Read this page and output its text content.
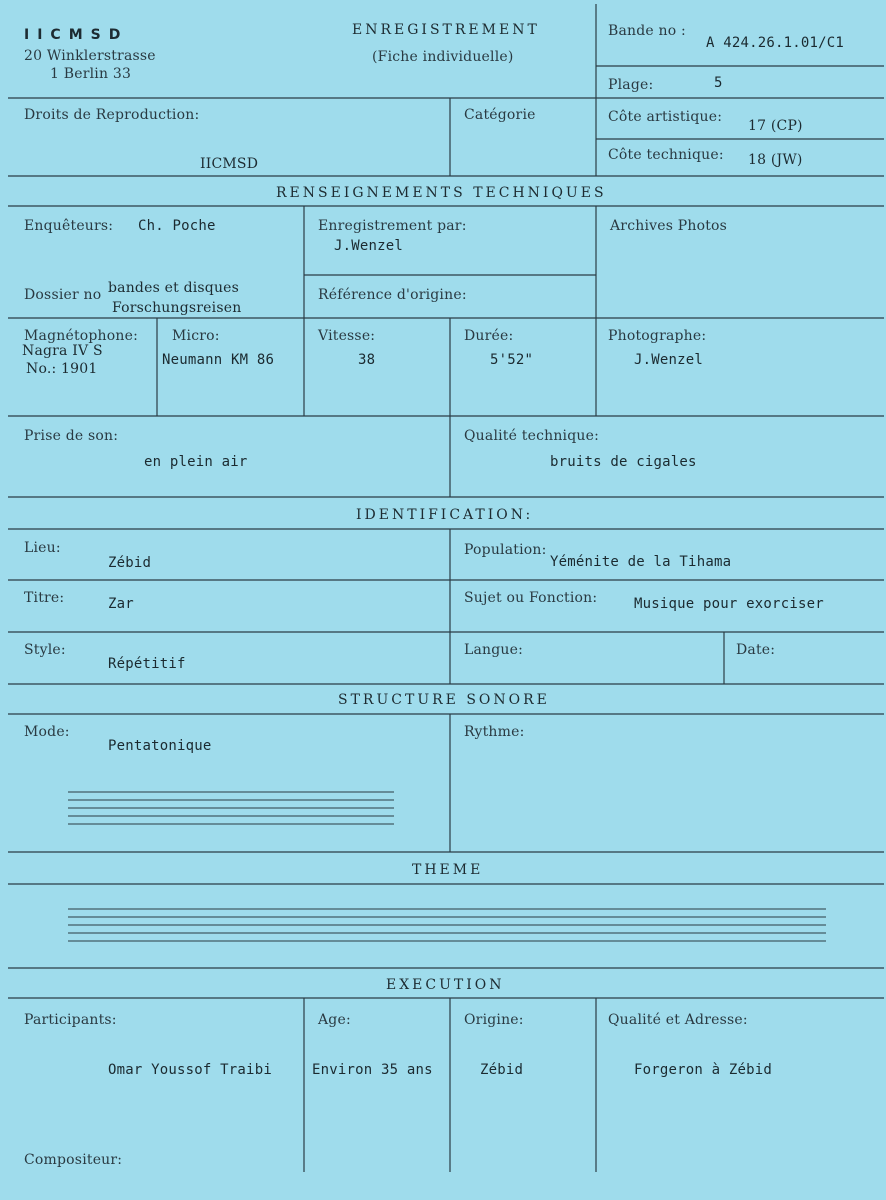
IICMSD
20 Winklerstrasse
1 Berlin 33
ENREGISTREMENT
(Fiche individuelle)
Bande no :
A 424.26.1.01/C1
Plage:	5
Droits de Reproduction:
IICMSD
Catégorie	Côte artistique:
17 (CP)
Côte technique: 18 (JW)
RENSEIGNEMENTS TECHNIQUES
Enquêteurs: Ch. Poche	Enregistrement par:
J.Wenzel
Archives Photos
Dossier no bandes et disques
Forschungsreisen
Référence d'origine:
Magnétophone:
Nagra IV S
No.: 1901
Micro:
Neumann KM 86
Vitesse:
38
Durée:
5'52"
Photographe:
J.Wenzel
Prise de son:
en plein air
Qualité technique:
bruits de cigales
IDENTIFICATION:
Lieu:
Zébid
Population:
Yéménite de la Tihama
Titre:	Zar	Sujet ou Fonction:	Musique pour exorciser
Style:
Répétitif
Langue:	Date:
STRUCTURE SONORE
Mode:
Pentatonique
Rythme:
THEME
EXECUTION
Participants:
Omar Youssof Traibi
Age:
Environ 35 ans
Origine:
Zébid
Qualité et Adresse:
Forgeron à Zébid
Compositeur:
